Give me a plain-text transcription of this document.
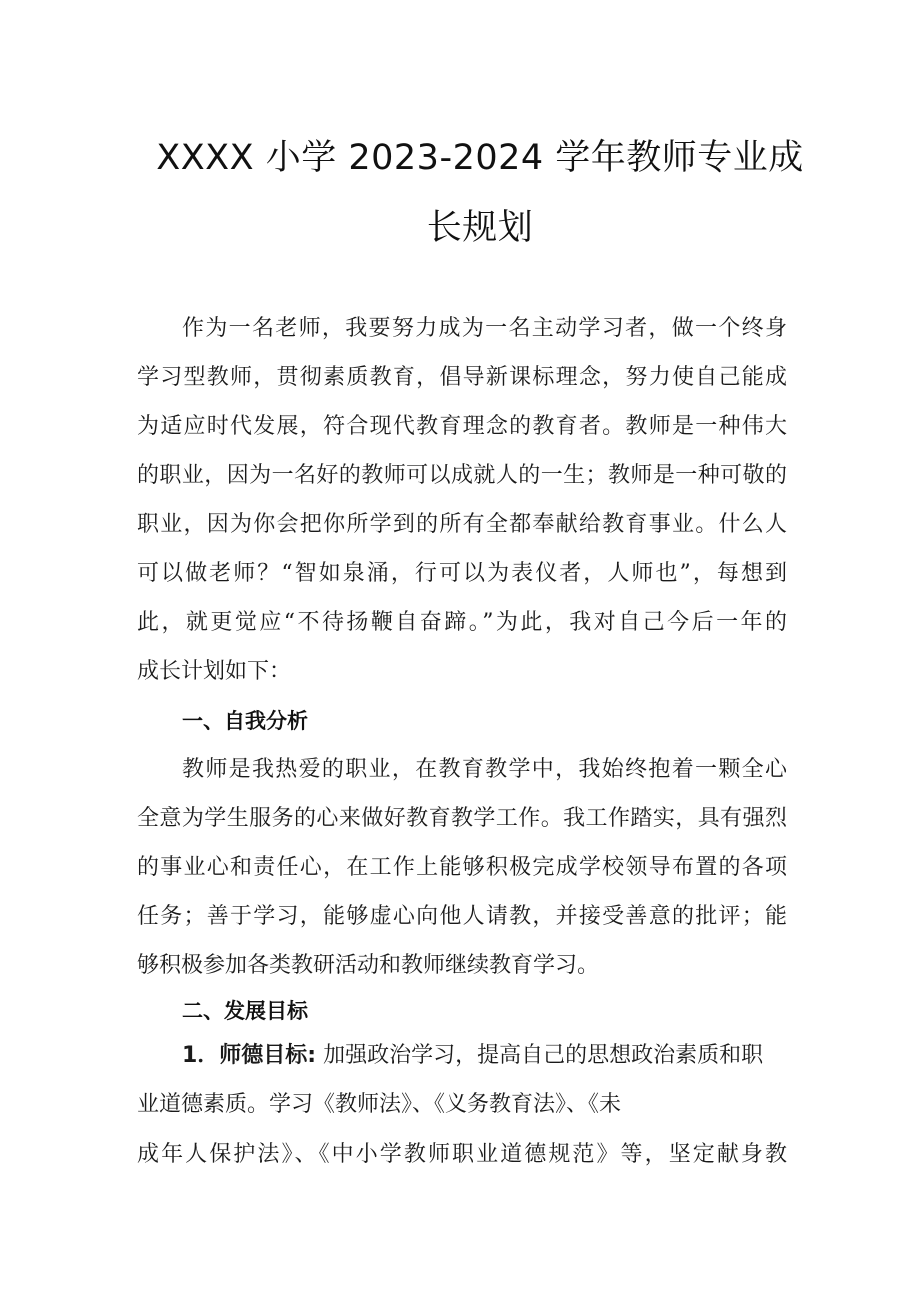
XXXX 小学 2023-2024 学年教师专业成
长规划
作为一名老师，我要努力成为一名主动学习者，做一个终身
学习型教师，贯彻素质教育，倡导新课标理念，努力使自己能成
为适应时代发展，符合现代教育理念的教育者。教师是一种伟大
的职业，因为一名好的教师可以成就人的一生；教师是一种可敬的
职业，因为你会把你所学到的所有全都奉献给教育事业。什么人
可以做老师？“智如泉涌，行可以为表仪者，人师也”，每想到
此，就更觉应“不待扬鞭自奋蹄。”为此，我对自己今后一年的
成长计划如下：
一、自我分析
教师是我热爱的职业，在教育教学中，我始终抱着一颗全心
全意为学生服务的心来做好教育教学工作。我工作踏实，具有强烈
的事业心和责任心，在工作上能够积极完成学校领导布置的各项
任务；善于学习，能够虚心向他人请教，并接受善意的批评；能
够积极参加各类教研活动和教师继续教育学习。
二、发展目标
1．师德目标: 加强政治学习，提高自己的思想政治素质和职
业道德素质。学习《教师法》、《义务教育法》、《未
成年人保护法》、《中小学教师职业道德规范》等，坚定献身教
